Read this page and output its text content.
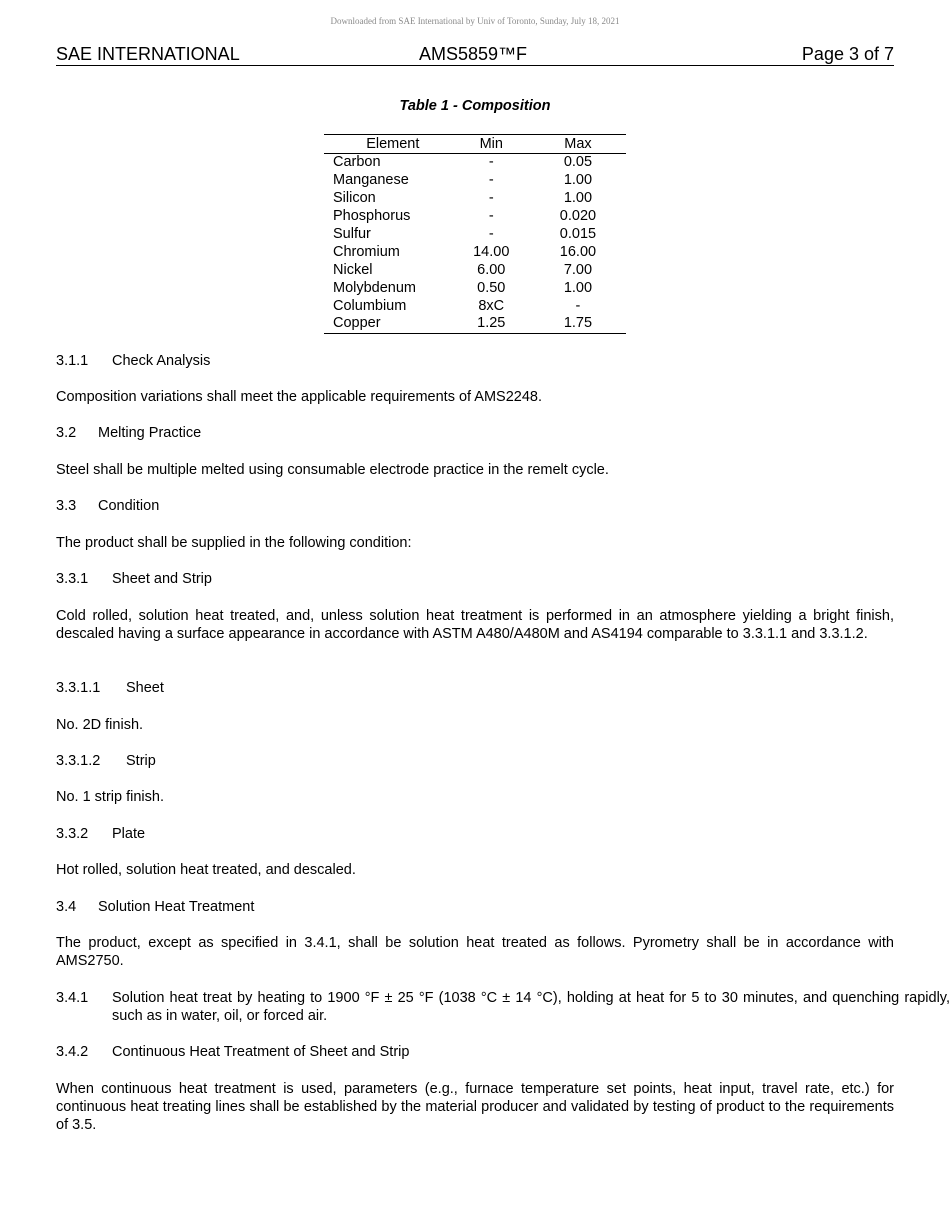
Downloaded from SAE International by Univ of Toronto, Sunday, July 18, 2021
SAE INTERNATIONAL	AMS5859™F	Page 3 of 7
Table 1 - Composition
Element	Min	Max
Carbon	-	0.05
Manganese	-	1.00
Silicon	-	1.00
Phosphorus	-	0.020
Sulfur	-	0.015
Chromium	14.00	16.00
Nickel	6.00	7.00
Molybdenum	0.50	1.00
Columbium	8xC	-
Copper	1.25	1.75
3.1.1 Check Analysis
Composition variations shall meet the applicable requirements of AMS2248.
3.2 Melting Practice
Steel shall be multiple melted using consumable electrode practice in the remelt cycle.
3.3 Condition
The product shall be supplied in the following condition:
3.3.1 Sheet and Strip
Cold rolled, solution heat treated, and, unless solution heat treatment is performed in an atmosphere yielding a bright finish, descaled having a surface appearance in accordance with ASTM A480/A480M and AS4194 comparable to 3.3.1.1 and 3.3.1.2.
3.3.1.1 Sheet
No. 2D finish.
3.3.1.2 Strip
No. 1 strip finish.
3.3.2 Plate
Hot rolled, solution heat treated, and descaled.
3.4 Solution Heat Treatment
The product, except as specified in 3.4.1, shall be solution heat treated as follows. Pyrometry shall be in accordance with AMS2750.
3.4.1 Solution heat treat by heating to 1900 °F ± 25 °F (1038 °C ± 14 °C), holding at heat for 5 to 30 minutes, and quenching rapidly, such as in water, oil, or forced air.
3.4.2 Continuous Heat Treatment of Sheet and Strip
When continuous heat treatment is used, parameters (e.g., furnace temperature set points, heat input, travel rate, etc.) for continuous heat treating lines shall be established by the material producer and validated by testing of product to the requirements of 3.5.
